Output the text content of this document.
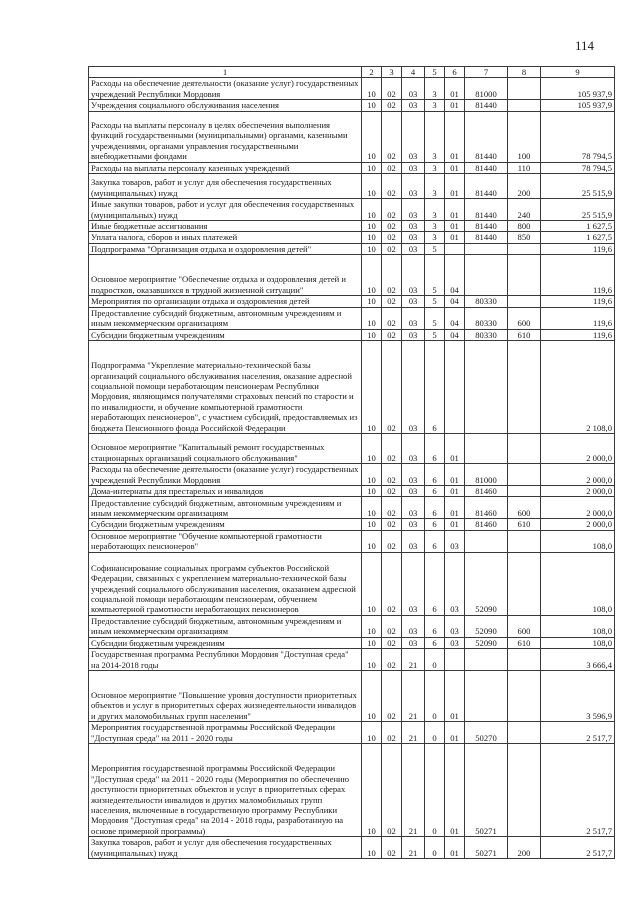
114
1	2	3	4	5	6	7	8	9
Расходы на обеспечение деятельности (оказание услуг) государственных учреждений Республики Мордовия	10	02	03	3	01	81000		105 937,9
Учреждения социального обслуживания населения	10	02	03	3	01	81440		105 937,9
Расходы на выплаты персоналу в целях обеспечения выполнения функций государственными (муниципальными) органами, казенными учреждениями, органами управления государственными внебюджетными фондами	10	02	03	3	01	81440	100	78 794,5
Расходы на выплаты персоналу казенных учреждений	10	02	03	3	01	81440	110	78 794,5
Закупка товаров, работ и услуг для обеспечения государственных (муниципальных) нужд	10	02	03	3	01	81440	200	25 515,9
Иные закупки товаров, работ и услуг для обеспечения государственных (муниципальных) нужд	10	02	03	3	01	81440	240	25 515,9
Иные бюджетные ассигнования	10	02	03	3	01	81440	800	1 627,5
Уплата налога, сборов и иных платежей	10	02	03	3	01	81440	850	1 627,5
Подпрограмма "Организация отдыха и оздоровления детей"	10	02	03	5				119,6
Основное мероприятие "Обеспечение отдыха и оздоровления детей и подростков, оказавшихся в трудной жизненной ситуации"	10	02	03	5	04			119,6
Мероприятия по организации отдыха и оздоровления детей	10	02	03	5	04	80330		119,6
Предоставление субсидий бюджетным, автономным учреждениям и иным некоммерческим организациям	10	02	03	5	04	80330	600	119,6
Субсидии бюджетным учреждениям	10	02	03	5	04	80330	610	119,6
Подпрограмма "Укрепление материально-технической базы организаций социального обслуживания населения, оказание адресной социальной помощи неработающим пенсионерам Республики Мордовия, являющимся получателями страховых пенсий по старости и по инвалидности, и обучение компьютерной грамотности неработающих пенсионеров", с участием субсидий, предоставляемых из бюджета Пенсионного фонда Российской Федерации	10	02	03	6				2 108,0
Основное мероприятие "Капитальный ремонт государственных стационарных организаций социального обслуживания"	10	02	03	6	01			2 000,0
Расходы на обеспечение деятельности (оказание услуг) государственных учреждений Республики Мордовия	10	02	03	6	01	81000		2 000,0
Дома-интернаты для престарелых и инвалидов	10	02	03	6	01	81460		2 000,0
Предоставление субсидий бюджетным, автономным учреждениям и иным некоммерческим организациям	10	02	03	6	01	81460	600	2 000,0
Субсидии бюджетным учреждениям	10	02	03	6	01	81460	610	2 000,0
Основное мероприятие "Обучение компьютерной грамотности неработающих пенсионеров"	10	02	03	6	03			108,0
Софинансирование социальных программ субъектов Российской Федерации, связанных с укреплением материально-технической базы учреждений социального обслуживания населения, оказанием адресной социальной помощи неработающим пенсионерам, обучением компьютерной грамотности неработающих пенсионеров	10	02	03	6	03	52090		108,0
Предоставление субсидий бюджетным, автономным учреждениям и иным некоммерческим организациям	10	02	03	6	03	52090	600	108,0
Субсидии бюджетным учреждениям	10	02	03	6	03	52090	610	108,0
Государственная программа Республики Мордовия "Доступная среда" на 2014-2018 годы	10	02	21	0				3 666,4
Основное мероприятие "Повышение уровня доступности приоритетных объектов и услуг в приоритетных сферах жизнедеятельности инвалидов и других маломобильных групп населения"	10	02	21	0	01			3 596,9
Мероприятия государственной программы Российской Федерации "Доступная среда" на 2011 - 2020 годы	10	02	21	0	01	50270		2 517,7
Мероприятия государственной программы Российской Федерации "Доступная среда" на 2011 - 2020 годы (Мероприятия по обеспечению доступности приоритетных объектов и услуг в приоритетных сферах жизнедеятельности инвалидов и других маломобильных групп населения, включенные в государственную программу Республики Мордовия "Доступная среда" на 2014 - 2018 годы, разработанную на основе примерной программы)	10	02	21	0	01	50271		2 517,7
Закупка товаров, работ и услуг для обеспечения государственных (муниципальных) нужд	10	02	21	0	01	50271	200	2 517,7
